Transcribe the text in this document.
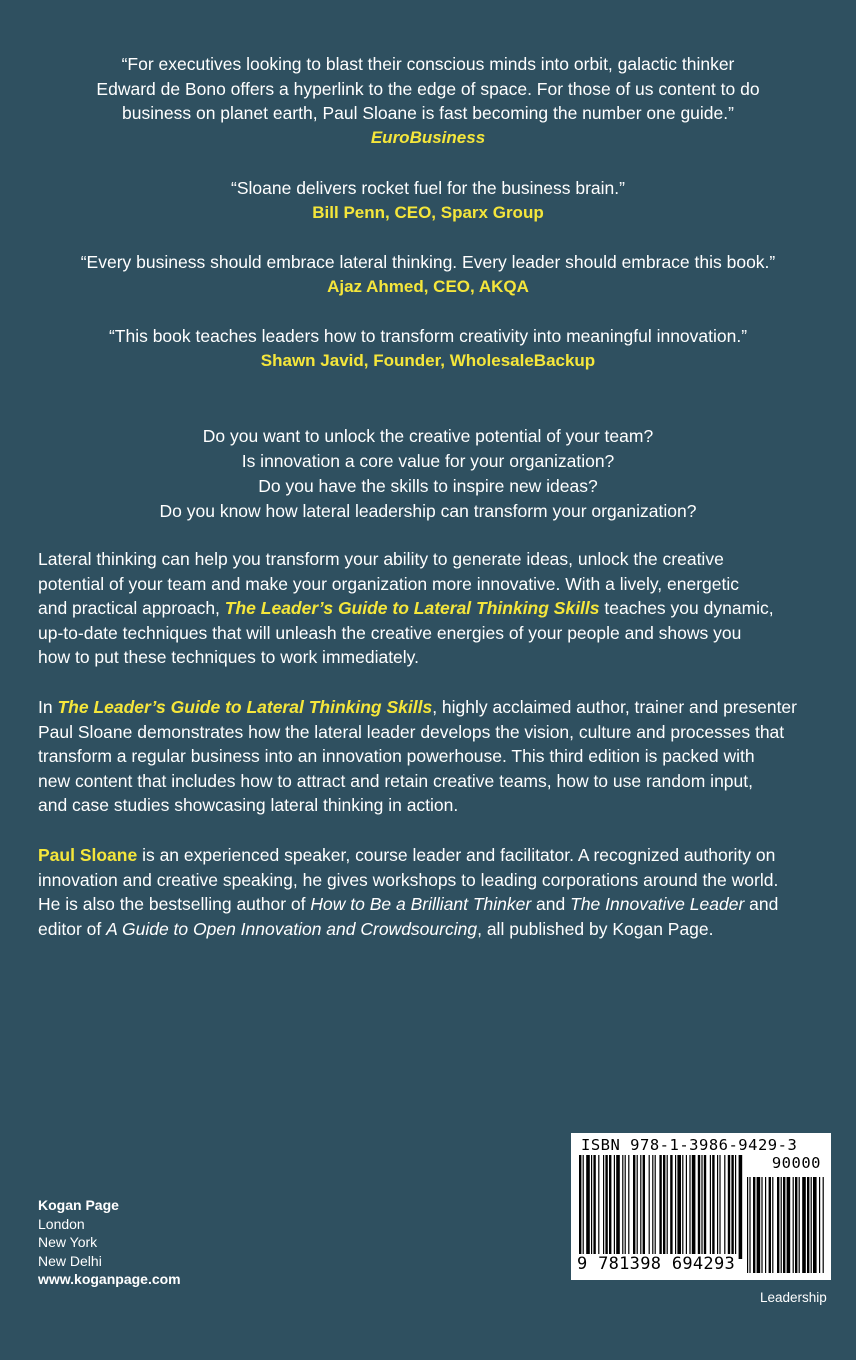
“For executives looking to blast their conscious minds into orbit, galactic thinker
Edward de Bono offers a hyperlink to the edge of space. For those of us content to do
business on planet earth, Paul Sloane is fast becoming the number one guide.”
EuroBusiness
“Sloane delivers rocket fuel for the business brain.”
Bill Penn, CEO, Sparx Group
“Every business should embrace lateral thinking. Every leader should embrace this book.”
Ajaz Ahmed, CEO, AKQA
“This book teaches leaders how to transform creativity into meaningful innovation.”
Shawn Javid, Founder, WholesaleBackup
Do you want to unlock the creative potential of your team?
Is innovation a core value for your organization?
Do you have the skills to inspire new ideas?
Do you know how lateral leadership can transform your organization?
Lateral thinking can help you transform your ability to generate ideas, unlock the creative
potential of your team and make your organization more innovative. With a lively, energetic
and practical approach, The Leader’s Guide to Lateral Thinking Skills teaches you dynamic,
up-to-date techniques that will unleash the creative energies of your people and shows you
how to put these techniques to work immediately.
In The Leader’s Guide to Lateral Thinking Skills, highly acclaimed author, trainer and presenter
Paul Sloane demonstrates how the lateral leader develops the vision, culture and processes that
transform a regular business into an innovation powerhouse. This third edition is packed with
new content that includes how to attract and retain creative teams, how to use random input,
and case studies showcasing lateral thinking in action.
Paul Sloane is an experienced speaker, course leader and facilitator. A recognized authority on
innovation and creative speaking, he gives workshops to leading corporations around the world.
He is also the bestselling author of How to Be a Brilliant Thinker and The Innovative Leader and
editor of A Guide to Open Innovation and Crowdsourcing, all published by Kogan Page.
Kogan Page
London
New York
New Delhi
www.koganpage.com
ISBN 978-1-3986-9429-3
90000
9 781398 694293
Leadership
